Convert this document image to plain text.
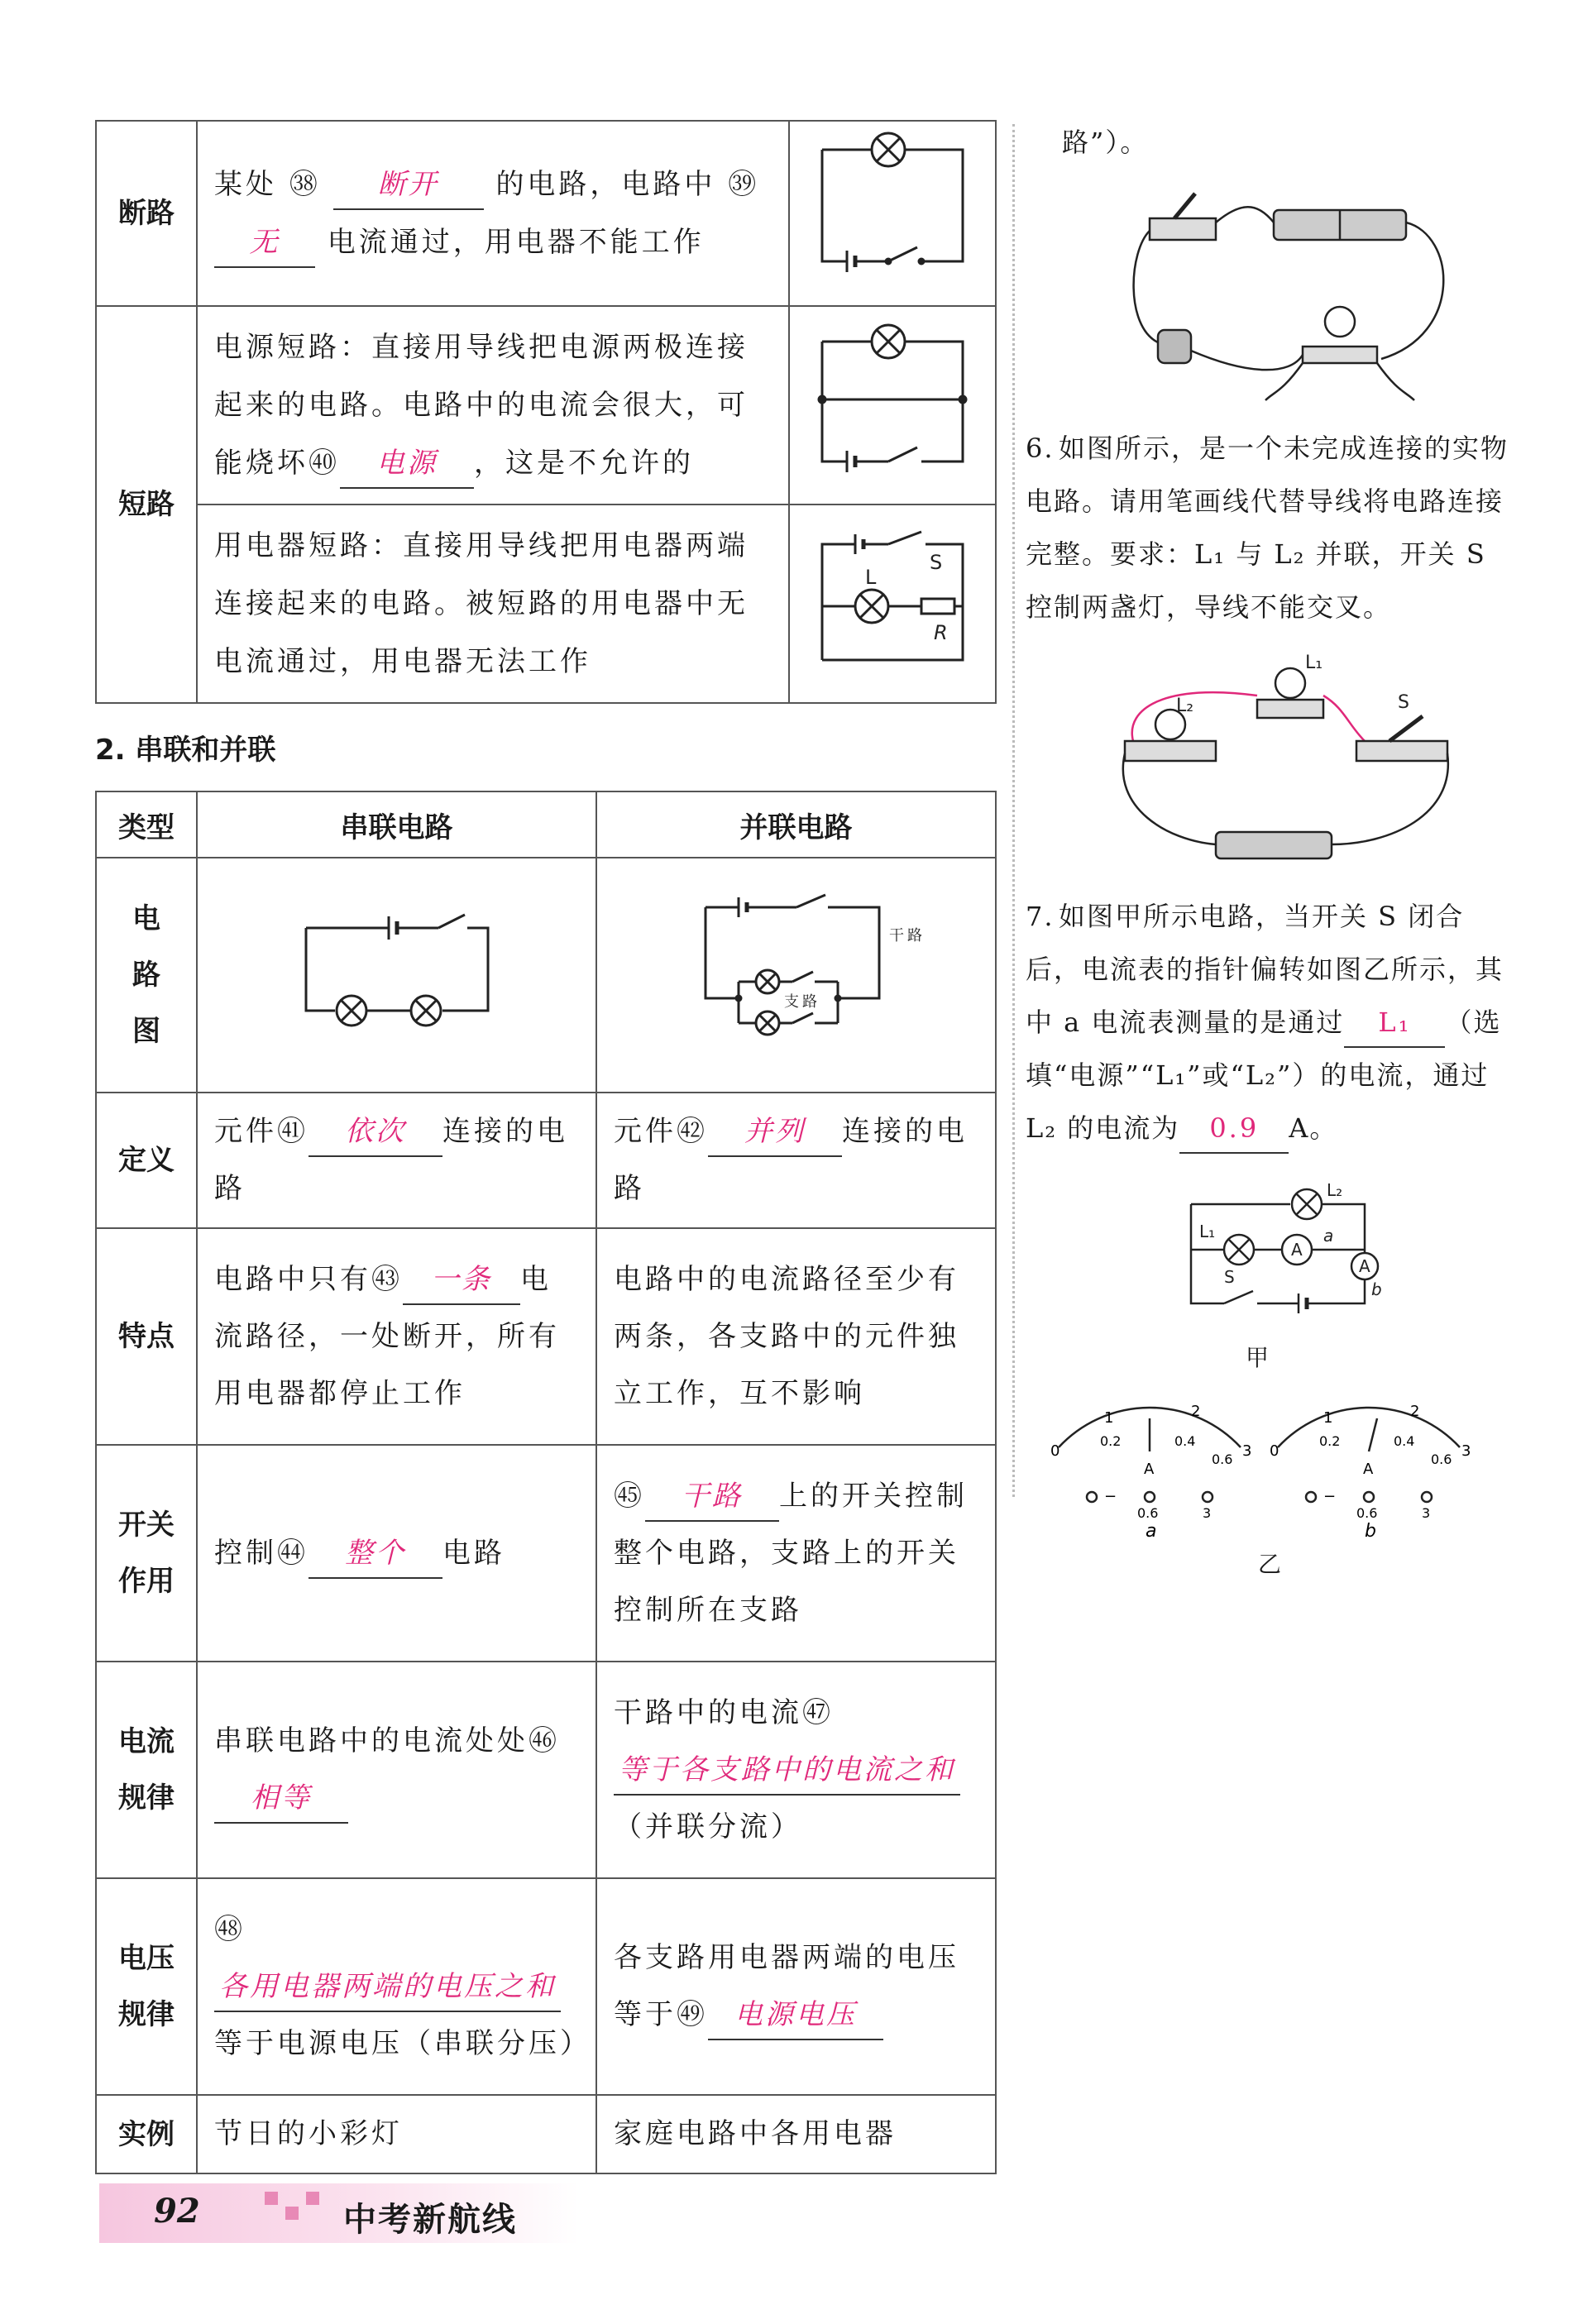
断路	某处 ㊳ 断开 的电路，电路中 ㊴ 无 电流通过，用电器不能工作	
短路	电源短路：直接用导线把电源两极连接起来的电路。电路中的电流会很大，可能烧坏㊵ 电源 ，这是不允许的	
	用电器短路：直接用导线把用电器两端连接起来的电路。被短路的用电器中无电流通过，用电器无法工作	S
L
R
2. 串联和并联
类型	串联电路	并联电路
电路图		干路
支路

定义	元件㊶ 依次 连接的电路	元件㊷ 并列 连接的电路
特点	电路中只有㊸ 一条 电流路径，一处断开，所有用电器都停止工作	电路中的电流路径至少有两条，各支路中的元件独立工作，互不影响
开关作用	控制㊹ 整个 电路	㊺ 干路 上的开关控制整个电路，支路上的开关控制所在支路
电流规律	串联电路中的电流处处㊻相等	干路中的电流㊼等于各支路中的电流之和（并联分流）
电压规律	㊽各用电器两端的电压之和等于电源电压（串联分压）	各支路用电器两端的电压等于㊾ 电源电压
实例	节日的小彩灯	家庭电路中各用电器
路”）。
6. 如图所示，是一个未完成连接的实物电路。请用笔画线代替导线将电路连接完整。要求：L₁ 与 L₂ 并联，开关 S 控制两盏灯，导线不能交叉。
L₂
L₁
S
7. 如图甲所示电路，当开关 S 闭合后，电流表的指针偏转如图乙所示，其中 a 电流表测量的是通过 L₁ （选填“电源”“L₁”或“L₂”）的电流，通过 L₂ 的电流为 0.9 A。
L₂
L₁
A
A
a
b
S
甲
0
1	2
3
0.2	0.4
0.6
A
−
0.6	3
0
1	2
3
0.2	0.4
0.6
A
−
0.6	3
a	b
乙
92	中考新航线
